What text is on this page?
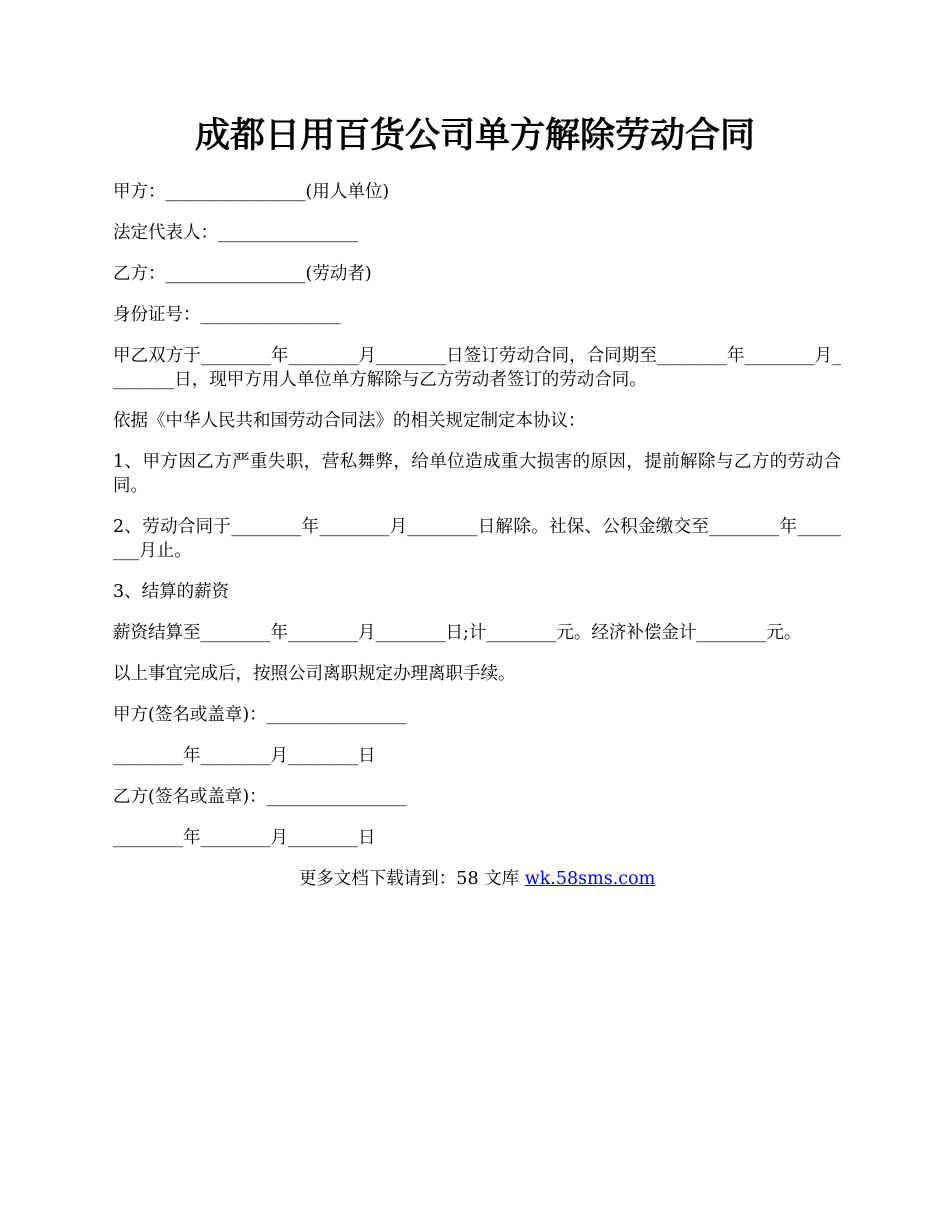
成都日用百货公司单方解除劳动合同

甲方：________________(用人单位)

法定代表人：________________

乙方：________________(劳动者)

身份证号：________________

甲乙双方于________年________月________日签订劳动合同，合同期至________年________月________日，现甲方用人单位单方解除与乙方劳动者签订的劳动合同。

依据《中华人民共和国劳动合同法》的相关规定制定本协议：

1、甲方因乙方严重失职，营私舞弊，给单位造成重大损害的原因，提前解除与乙方的劳动合同。

2、劳动合同于________年________月________日解除。社保、公积金缴交至________年________月止。

3、结算的薪资

薪资结算至________年________月________日;计________元。经济补偿金计________元。

以上事宜完成后，按照公司离职规定办理离职手续。

甲方(签名或盖章)：________________

________年________月________日

乙方(签名或盖章)：________________

________年________月________日

更多文档下载请到：58 文库 wk.58sms.com
